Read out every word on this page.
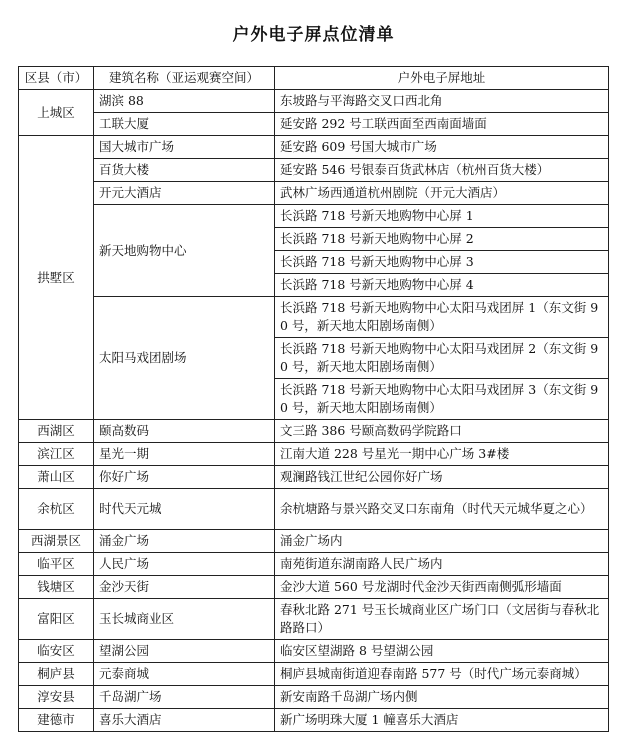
户外电子屏点位清单
区县（市）	建筑名称（亚运观赛空间）	户外电子屏地址
上城区	湖滨 88	东坡路与平海路交叉口西北角
	工联大厦	延安路 292 号工联西面至西南面墙面
拱墅区	国大城市广场	延安路 609 号国大城市广场
	百货大楼	延安路 546 号银泰百货武林店（杭州百货大楼）
	开元大酒店	武林广场西通道杭州剧院（开元大酒店）
	新天地购物中心	长浜路 718 号新天地购物中心屏 1
		长浜路 718 号新天地购物中心屏 2
		长浜路 718 号新天地购物中心屏 3
		长浜路 718 号新天地购物中心屏 4
	太阳马戏团剧场	长浜路 718 号新天地购物中心太阳马戏团屏 1（东文街 90 号，新天地太阳剧场南侧）
		长浜路 718 号新天地购物中心太阳马戏团屏 2（东文街 90 号，新天地太阳剧场南侧）
		长浜路 718 号新天地购物中心太阳马戏团屏 3（东文街 90 号，新天地太阳剧场南侧）
西湖区	颐高数码	文三路 386 号颐高数码学院路口
滨江区	星光一期	江南大道 228 号星光一期中心广场 3#楼
萧山区	你好广场	观澜路钱江世纪公园你好广场
余杭区	时代天元城	余杭塘路与景兴路交叉口东南角（时代天元城华夏之心）
西湖景区	涌金广场	涌金广场内
临平区	人民广场	南苑街道东湖南路人民广场内
钱塘区	金沙天街	金沙大道 560 号龙湖时代金沙天街西南侧弧形墙面
富阳区	玉长城商业区	春秋北路 271 号玉长城商业区广场门口（文居街与春秋北路路口）
临安区	望湖公园	临安区望湖路 8 号望湖公园
桐庐县	元泰商城	桐庐县城南街道迎春南路 577 号（时代广场元泰商城）
淳安县	千岛湖广场	新安南路千岛湖广场内侧
建德市	喜乐大酒店	新广场明珠大厦 1 幢喜乐大酒店
